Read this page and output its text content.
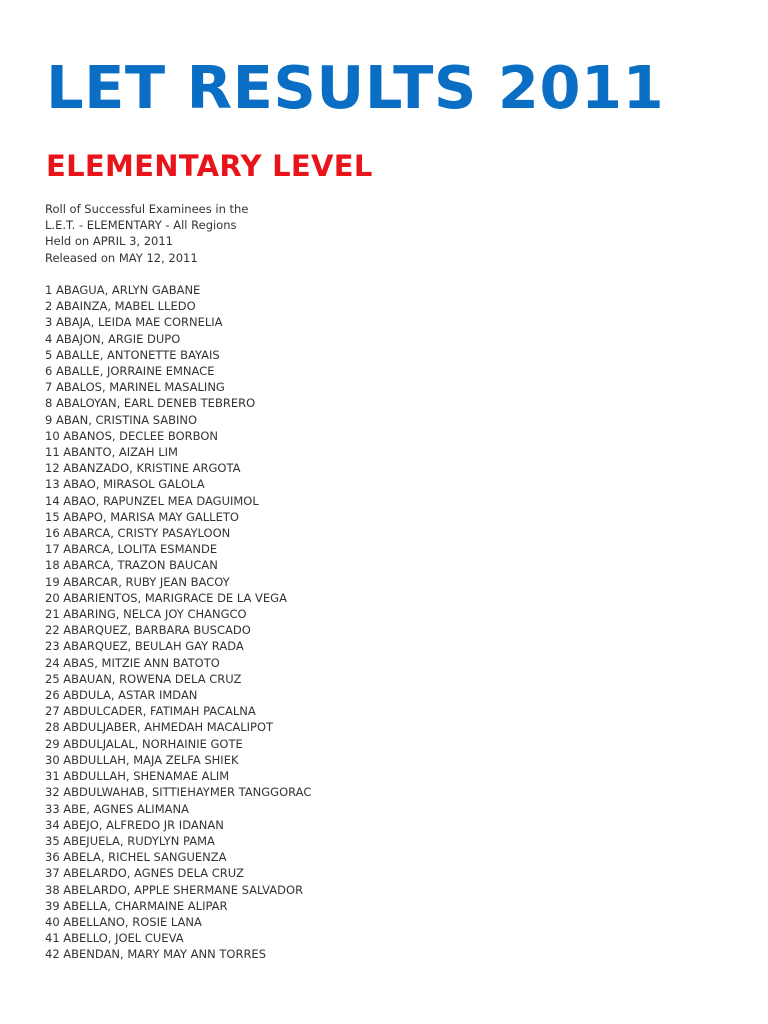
LET RESULTS 2011
ELEMENTARY LEVEL
Roll of Successful Examinees in the
L.E.T. - ELEMENTARY - All Regions
Held on APRIL 3, 2011
Released on MAY 12, 2011
1 ABAGUA, ARLYN GABANE
2 ABAINZA, MABEL LLEDO
3 ABAJA, LEIDA MAE CORNELIA
4 ABAJON, ARGIE DUPO
5 ABALLE, ANTONETTE BAYAIS
6 ABALLE, JORRAINE EMNACE
7 ABALOS, MARINEL MASALING
8 ABALOYAN, EARL DENEB TEBRERO
9 ABAN, CRISTINA SABINO
10 ABANOS, DECLEE BORBON
11 ABANTO, AIZAH LIM
12 ABANZADO, KRISTINE ARGOTA
13 ABAO, MIRASOL GALOLA
14 ABAO, RAPUNZEL MEA DAGUIMOL
15 ABAPO, MARISA MAY GALLETO
16 ABARCA, CRISTY PASAYLOON
17 ABARCA, LOLITA ESMANDE
18 ABARCA, TRAZON BAUCAN
19 ABARCAR, RUBY JEAN BACOY
20 ABARIENTOS, MARIGRACE DE LA VEGA
21 ABARING, NELCA JOY CHANGCO
22 ABARQUEZ, BARBARA BUSCADO
23 ABARQUEZ, BEULAH GAY RADA
24 ABAS, MITZIE ANN BATOTO
25 ABAUAN, ROWENA DELA CRUZ
26 ABDULA, ASTAR IMDAN
27 ABDULCADER, FATIMAH PACALNA
28 ABDULJABER, AHMEDAH MACALIPOT
29 ABDULJALAL, NORHAINIE GOTE
30 ABDULLAH, MAJA ZELFA SHIEK
31 ABDULLAH, SHENAMAE ALIM
32 ABDULWAHAB, SITTIEHAYMER TANGGORAC
33 ABE, AGNES ALIMANA
34 ABEJO, ALFREDO JR IDANAN
35 ABEJUELA, RUDYLYN PAMA
36 ABELA, RICHEL SANGUENZA
37 ABELARDO, AGNES DELA CRUZ
38 ABELARDO, APPLE SHERMANE SALVADOR
39 ABELLA, CHARMAINE ALIPAR
40 ABELLANO, ROSIE LANA
41 ABELLO, JOEL CUEVA
42 ABENDAN, MARY MAY ANN TORRES
